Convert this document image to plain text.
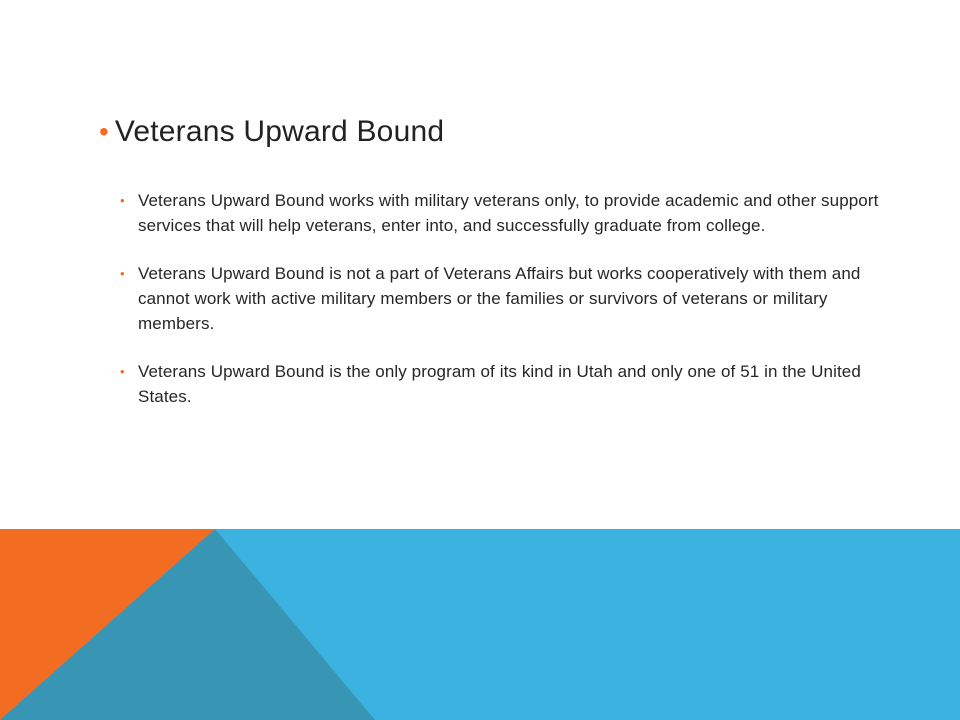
• Veterans Upward Bound
• Veterans Upward Bound works with military veterans only, to provide academic and other support services that will help veterans, enter into, and successfully graduate from college.
• Veterans Upward Bound is not a part of Veterans Affairs but works cooperatively with them and cannot work with active military members or the families or survivors of veterans or military members.
• Veterans Upward Bound is the only program of its kind in Utah and only one of 51 in the United States.
